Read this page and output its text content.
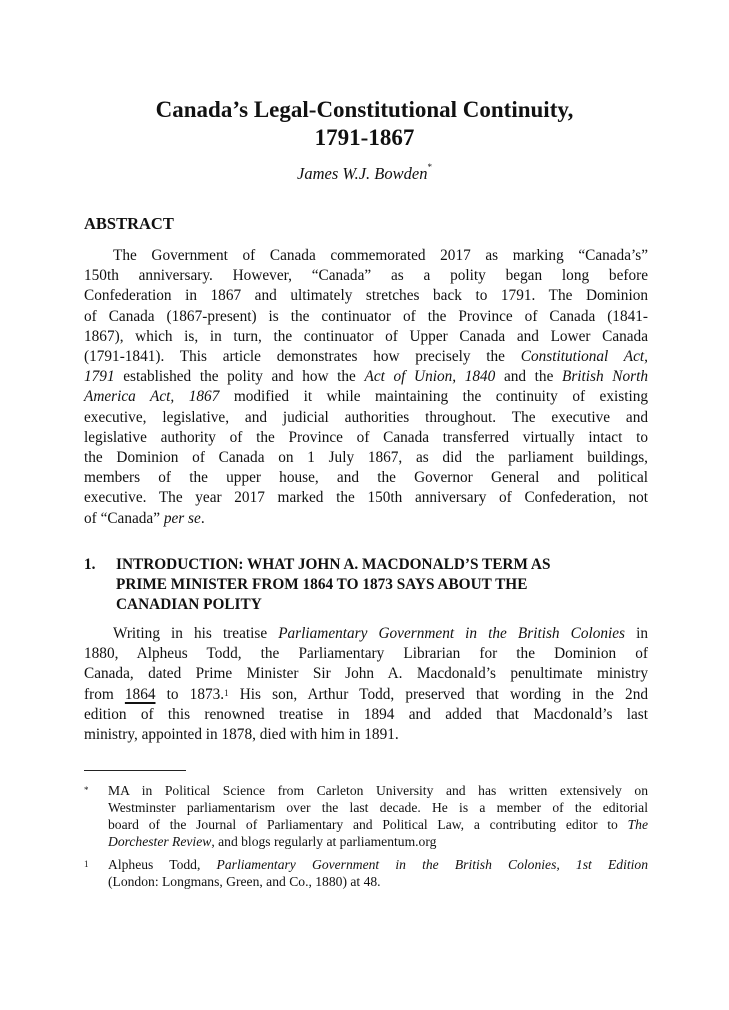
Canada’s Legal-Constitutional Continuity,
1791-1867

James W.J. Bowden*

ABSTRACT

The Government of Canada commemorated 2017 as marking “Canada’s”
150th anniversary. However, “Canada” as a polity began long before
Confederation in 1867 and ultimately stretches back to 1791. The Dominion
of Canada (1867-present) is the continuator of the Province of Canada (1841-
1867), which is, in turn, the continuator of Upper Canada and Lower Canada
(1791-1841). This article demonstrates how precisely the Constitutional Act,
1791 established the polity and how the Act of Union, 1840 and the British North
America Act, 1867 modified it while maintaining the continuity of existing
executive, legislative, and judicial authorities throughout. The executive and
legislative authority of the Province of Canada transferred virtually intact to
the Dominion of Canada on 1 July 1867, as did the parliament buildings,
members of the upper house, and the Governor General and political
executive. The year 2017 marked the 150th anniversary of Confederation, not
of “Canada” per se.

1. INTRODUCTION: WHAT JOHN A. MACDONALD’S TERM AS
PRIME MINISTER FROM 1864 TO 1873 SAYS ABOUT THE
CANADIAN POLITY

Writing in his treatise Parliamentary Government in the British Colonies in
1880, Alpheus Todd, the Parliamentary Librarian for the Dominion of
Canada, dated Prime Minister Sir John A. Macdonald’s penultimate ministry
from 1864 to 1873.$^1$ His son, Arthur Todd, preserved that wording in the 2nd
edition of this renowned treatise in 1894 and added that Macdonald’s last
ministry, appointed in 1878, died with him in 1891.

* MA in Political Science from Carleton University and has written extensively on
Westminster parliamentarism over the last decade. He is a member of the editorial
board of the Journal of Parliamentary and Political Law, a contributing editor to The
Dorchester Review, and blogs regularly at parliamentum.org
1 Alpheus Todd, Parliamentary Government in the British Colonies, 1st Edition
(London: Longmans, Green, and Co., 1880) at 48.
